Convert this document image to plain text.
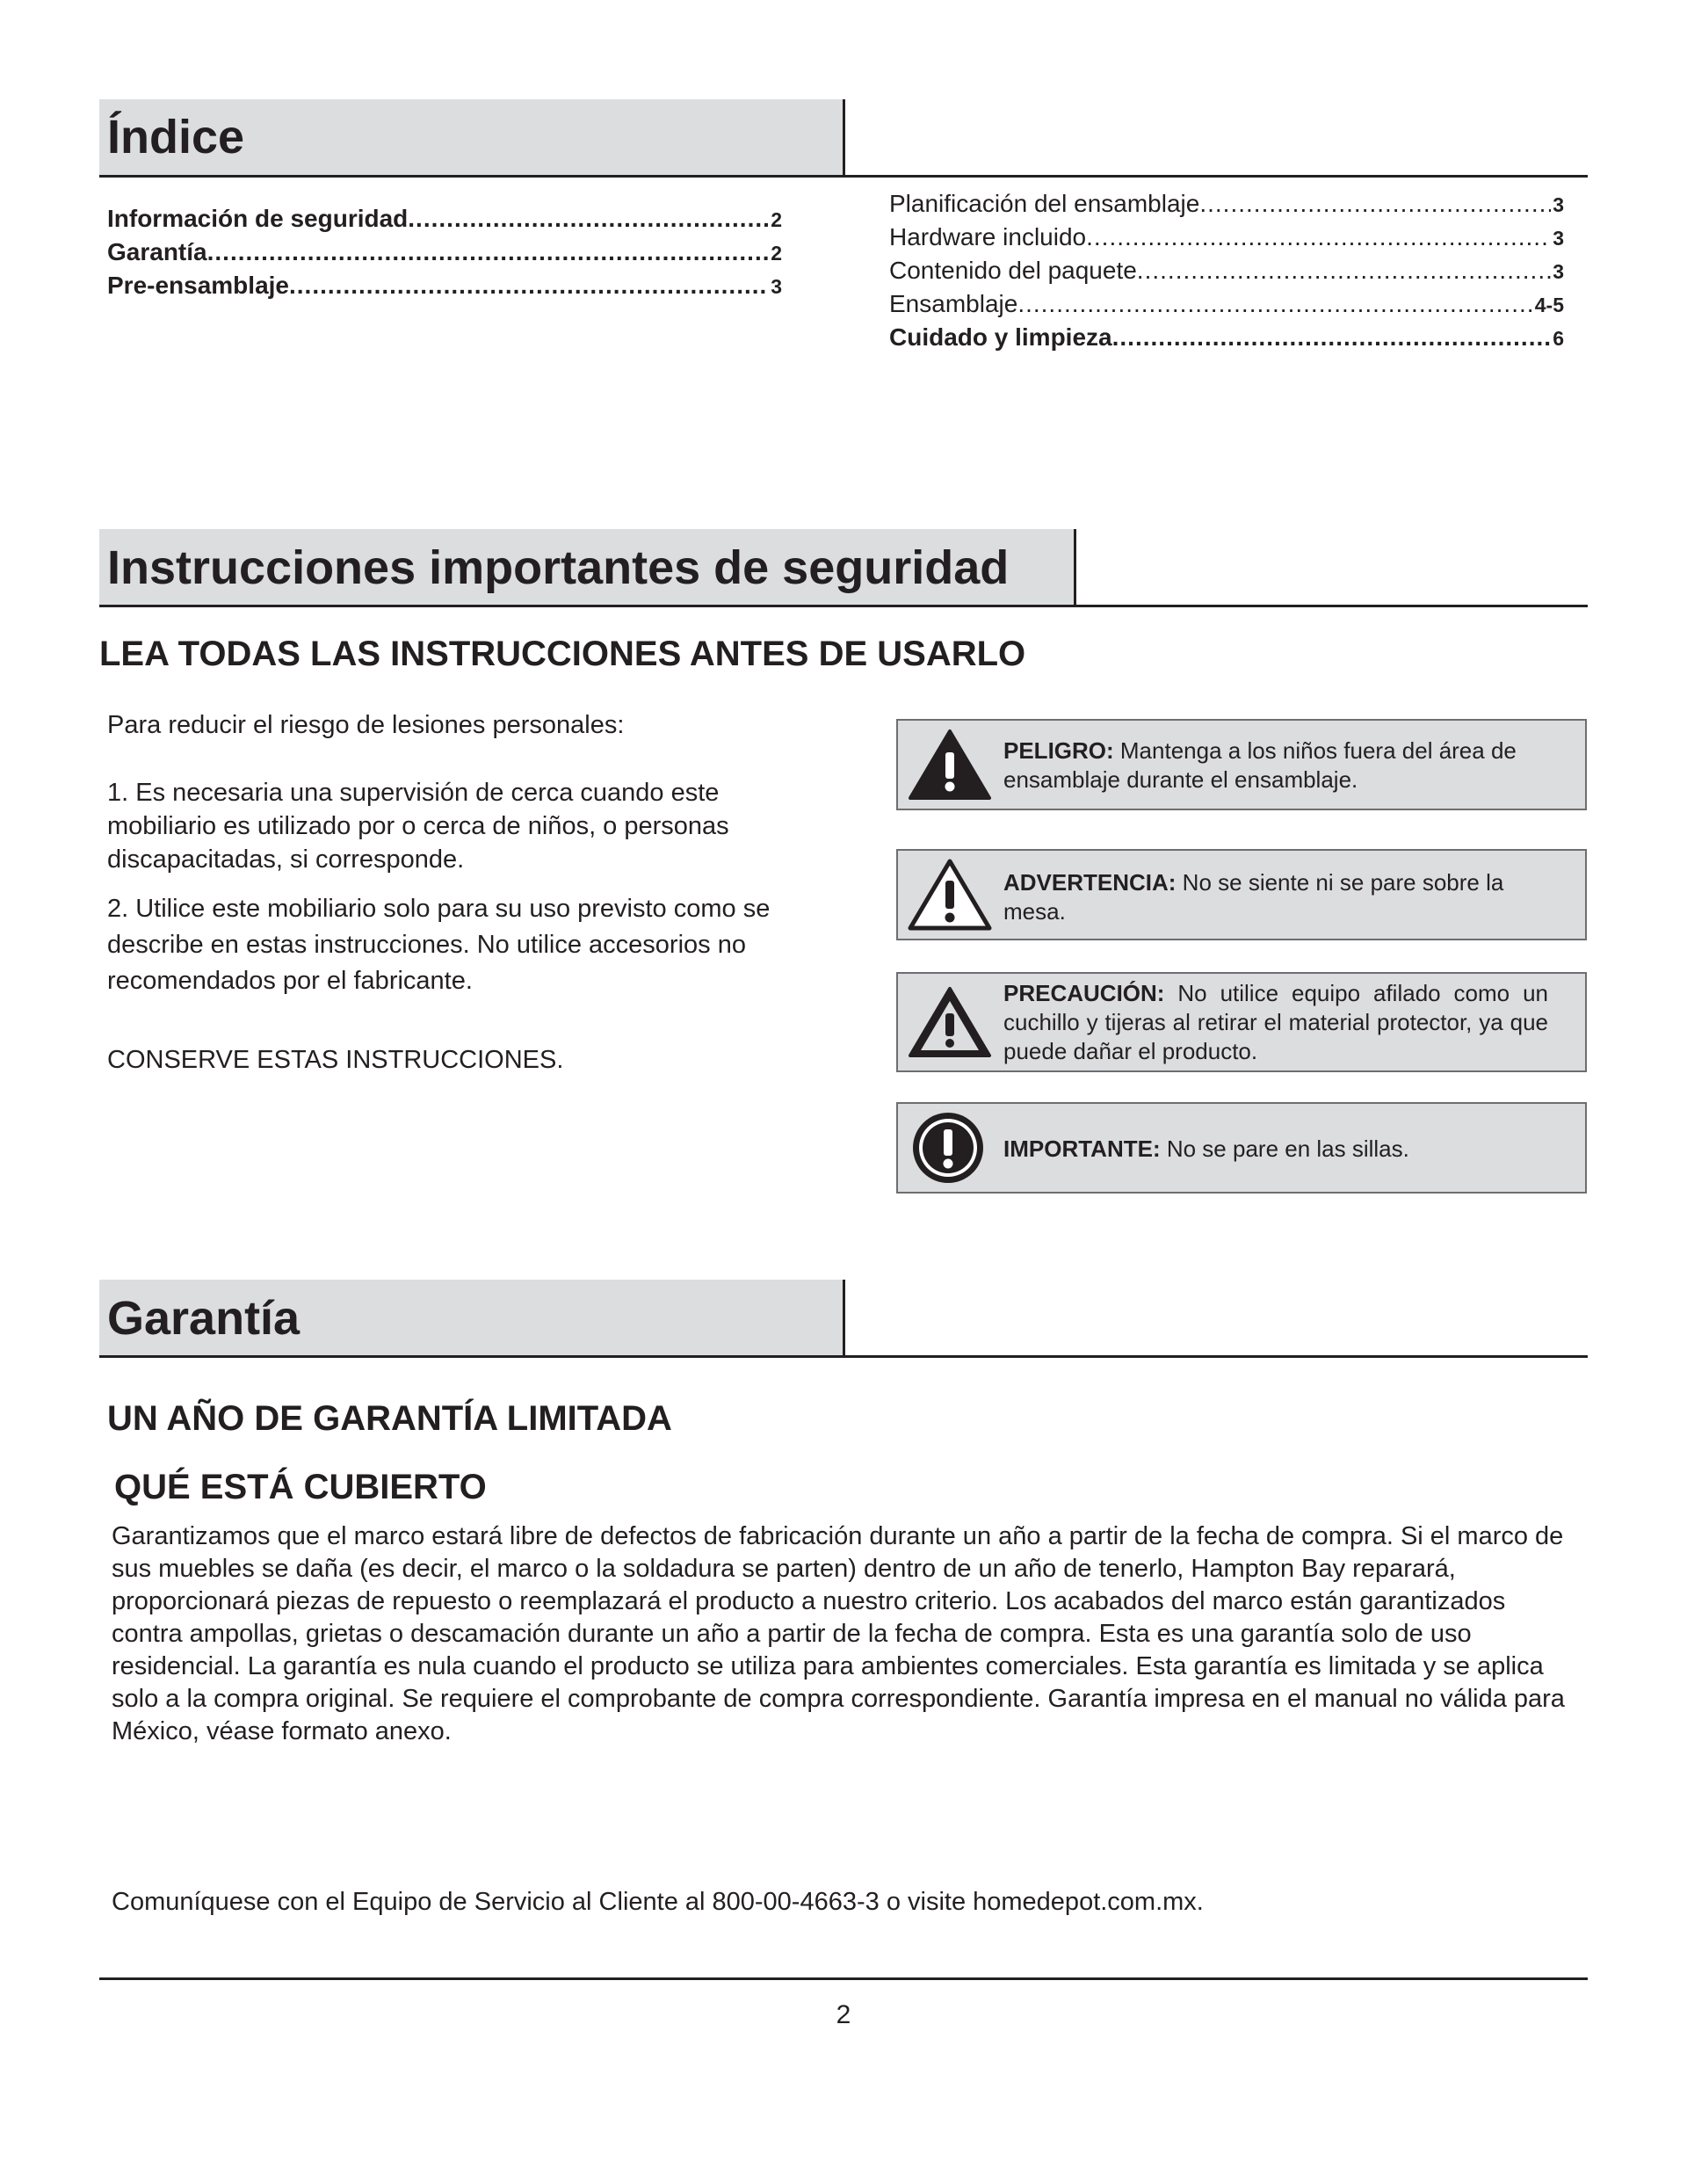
Índice
Información de seguridad .....	2
Garantía .....	2
Pre-ensamblaje .....	3
Planificación del ensamblaje .....	3
Hardware incluido .....	3
Contenido del paquete .....	3
Ensamblaje .....	4-5
Cuidado y limpieza .....	6
Instrucciones importantes de seguridad
LEA TODAS LAS INSTRUCCIONES ANTES DE USARLO
Para reducir el riesgo de lesiones personales:
1. Es necesaria una supervisión de cerca cuando este mobiliario es utilizado por o cerca de niños, o personas discapacitadas, si corresponde.
2. Utilice este mobiliario solo para su uso previsto como se describe en estas instrucciones. No utilice accesorios no recomendados por el fabricante.
CONSERVE ESTAS INSTRUCCIONES.
PELIGRO: Mantenga a los niños fuera del área de ensamblaje durante el ensamblaje.
ADVERTENCIA: No se siente ni se pare sobre la mesa.
PRECAUCIÓN: No utilice equipo afilado como un cuchillo y tijeras al retirar el material protector, ya que puede dañar el producto.
IMPORTANTE: No se pare en las sillas.
Garantía
UN AÑO DE GARANTÍA LIMITADA
QUÉ ESTÁ CUBIERTO
Garantizamos que el marco estará libre de defectos de fabricación durante un año a partir de la fecha de compra. Si el marco de sus muebles se daña (es decir, el marco o la soldadura se parten) dentro de un año de tenerlo, Hampton Bay reparará, proporcionará piezas de repuesto o reemplazará el producto a nuestro criterio. Los acabados del marco están garantizados contra ampollas, grietas o descamación durante un año a partir de la fecha de compra. Esta es una garantía solo de uso residencial. La garantía es nula cuando el producto se utiliza para ambientes comerciales. Esta garantía es limitada y se aplica solo a la compra original. Se requiere el comprobante de compra correspondiente. Garantía impresa en el manual no válida para México, véase formato anexo.
Comuníquese con el Equipo de Servicio al Cliente al 800-00-4663-3 o visite homedepot.com.mx.
2
